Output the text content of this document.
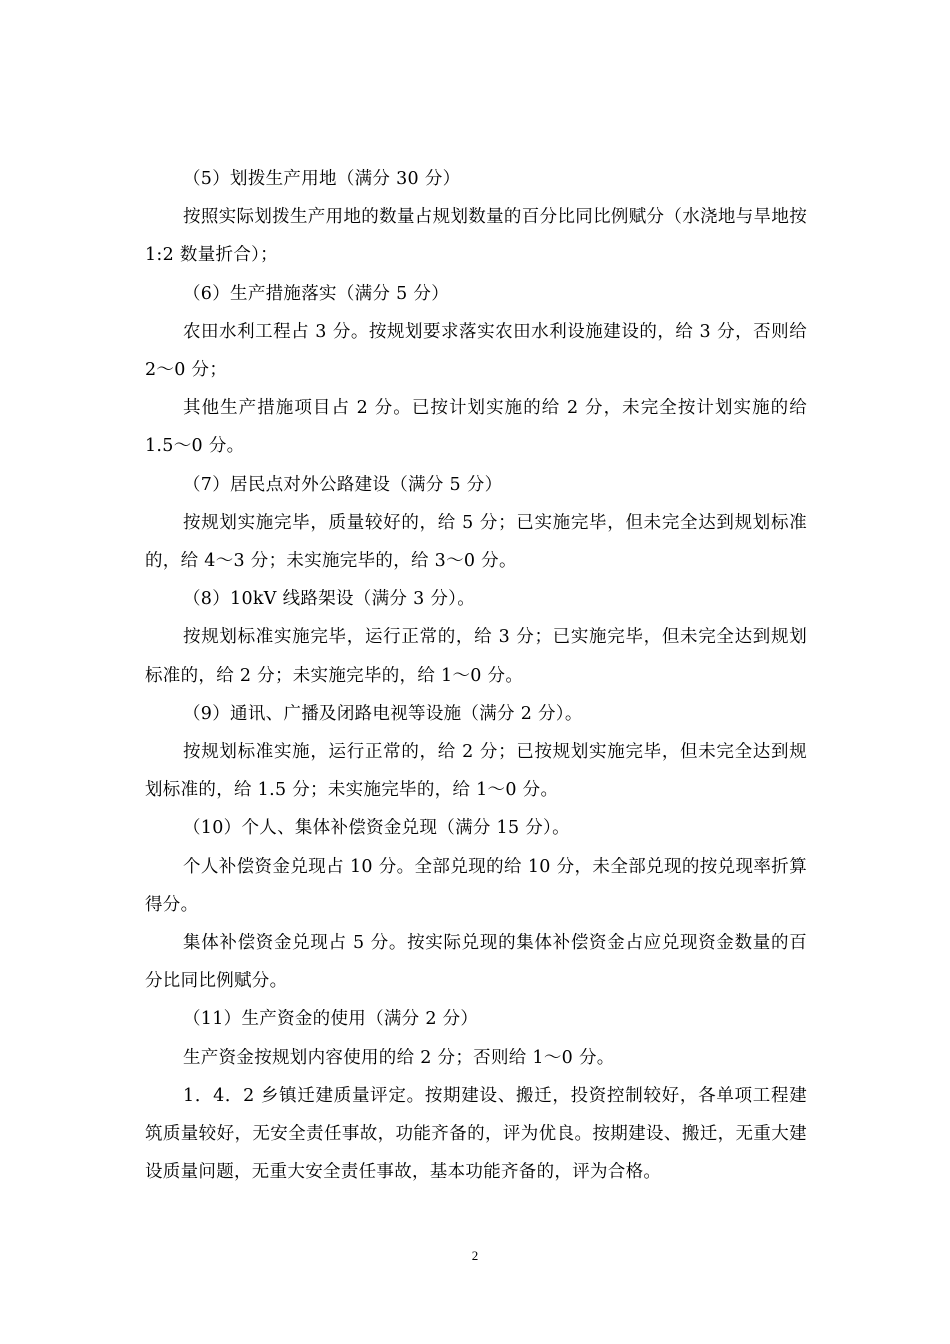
（5）划拨生产用地（满分 30 分）

按照实际划拨生产用地的数量占规划数量的百分比同比例赋分（水浇地与旱地按 1:2 数量折合）；

（6）生产措施落实（满分 5 分）

农田水利工程占 3 分。按规划要求落实农田水利设施建设的，给 3 分，否则给 2～0 分；

其他生产措施项目占 2 分。已按计划实施的给 2 分，未完全按计划实施的给 1.5～0 分。

（7）居民点对外公路建设（满分 5 分）

按规划实施完毕，质量较好的，给 5 分；已实施完毕，但未完全达到规划标准的，给 4～3 分；未实施完毕的，给 3～0 分。

（8）10kV 线路架设（满分 3 分）。

按规划标准实施完毕，运行正常的，给 3 分；已实施完毕，但未完全达到规划标准的，给 2 分；未实施完毕的，给 1～0 分。

（9）通讯、广播及闭路电视等设施（满分 2 分）。

按规划标准实施，运行正常的，给 2 分；已按规划实施完毕，但未完全达到规划标准的，给 1.5 分；未实施完毕的，给 1～0 分。

（10）个人、集体补偿资金兑现（满分 15 分）。

个人补偿资金兑现占 10 分。全部兑现的给 10 分，未全部兑现的按兑现率折算得分。

集体补偿资金兑现占 5 分。按实际兑现的集体补偿资金占应兑现资金数量的百分比同比例赋分。

（11）生产资金的使用（满分 2 分）

生产资金按规划内容使用的给 2 分；否则给 1～0 分。

1．4．2 乡镇迁建质量评定。按期建设、搬迁，投资控制较好，各单项工程建筑质量较好，无安全责任事故，功能齐备的，评为优良。按期建设、搬迁，无重大建设质量问题，无重大安全责任事故，基本功能齐备的，评为合格。

2
